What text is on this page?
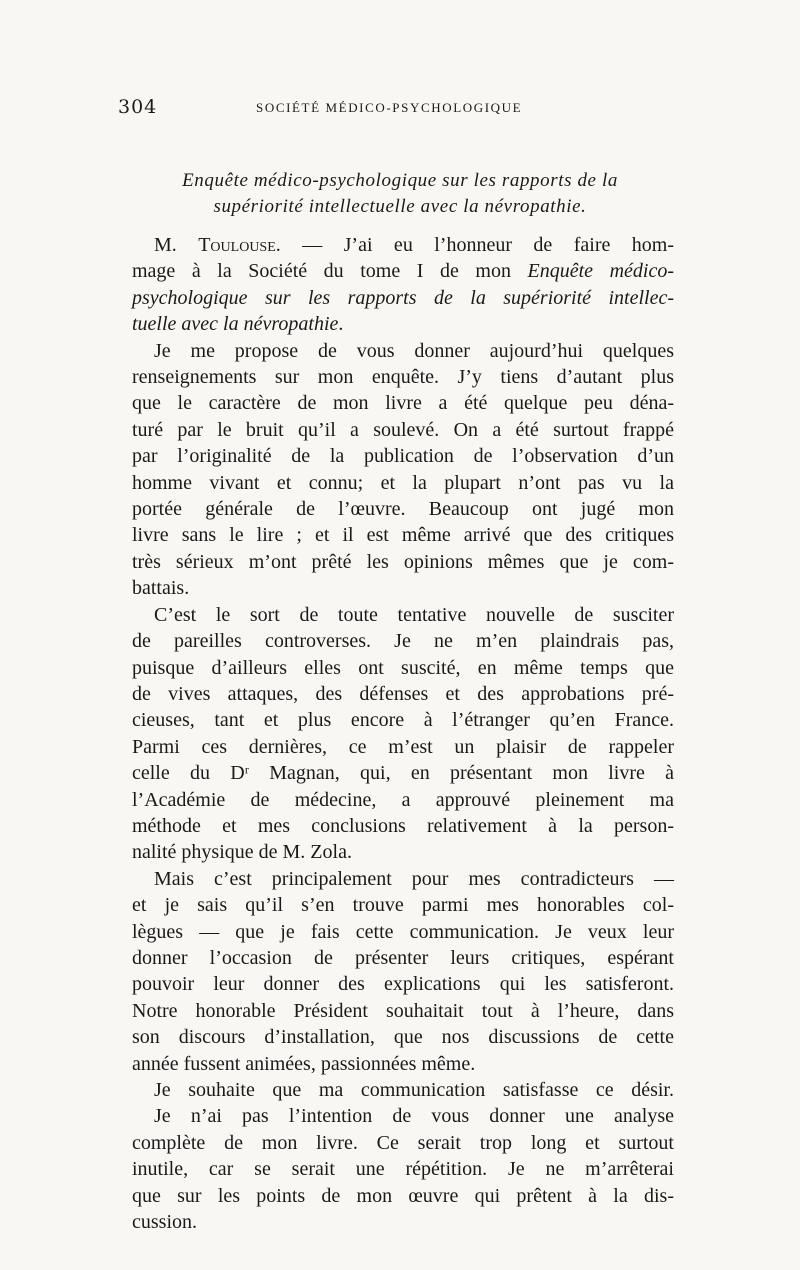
304	SOCIÉTÉ MÉDICO-PSYCHOLOGIQUE
Enquête médico-psychologique sur les rapports de la
supériorité intellectuelle avec la névropathie.

M. Toulouse. — J’ai eu l’honneur de faire hom-
mage à la Société du tome I de mon Enquête médico-
psychologique sur les rapports de la supériorité intellec-
tuelle avec la névropathie.

Je me propose de vous donner aujourd’hui quelques
renseignements sur mon enquête. J’y tiens d’autant plus
que le caractère de mon livre a été quelque peu déna-
turé par le bruit qu’il a soulevé. On a été surtout frappé
par l’originalité de la publication de l’observation d’un
homme vivant et connu; et la plupart n’ont pas vu la
portée générale de l’œuvre. Beaucoup ont jugé mon
livre sans le lire ; et il est même arrivé que des critiques
très sérieux m’ont prêté les opinions mêmes que je com-
battais.

C’est le sort de toute tentative nouvelle de susciter
de pareilles controverses. Je ne m’en plaindrais pas,
puisque d’ailleurs elles ont suscité, en même temps que
de vives attaques, des défenses et des approbations pré-
cieuses, tant et plus encore à l’étranger qu’en France.
Parmi ces dernières, ce m’est un plaisir de rappeler
celle du Dʳ Magnan, qui, en présentant mon livre à
l’Académie de médecine, a approuvé pleinement ma
méthode et mes conclusions relativement à la person-
nalité physique de M. Zola.

Mais c’est principalement pour mes contradicteurs —
et je sais qu’il s’en trouve parmi mes honorables col-
lègues — que je fais cette communication. Je veux leur
donner l’occasion de présenter leurs critiques, espérant
pouvoir leur donner des explications qui les satisferont.
Notre honorable Président souhaitait tout à l’heure, dans
son discours d’installation, que nos discussions de cette
année fussent animées, passionnées même.

Je souhaite que ma communication satisfasse ce désir.

Je n’ai pas l’intention de vous donner une analyse
complète de mon livre. Ce serait trop long et surtout
inutile, car se serait une répétition. Je ne m’arrêterai
que sur les points de mon œuvre qui prêtent à la dis-
cussion.
